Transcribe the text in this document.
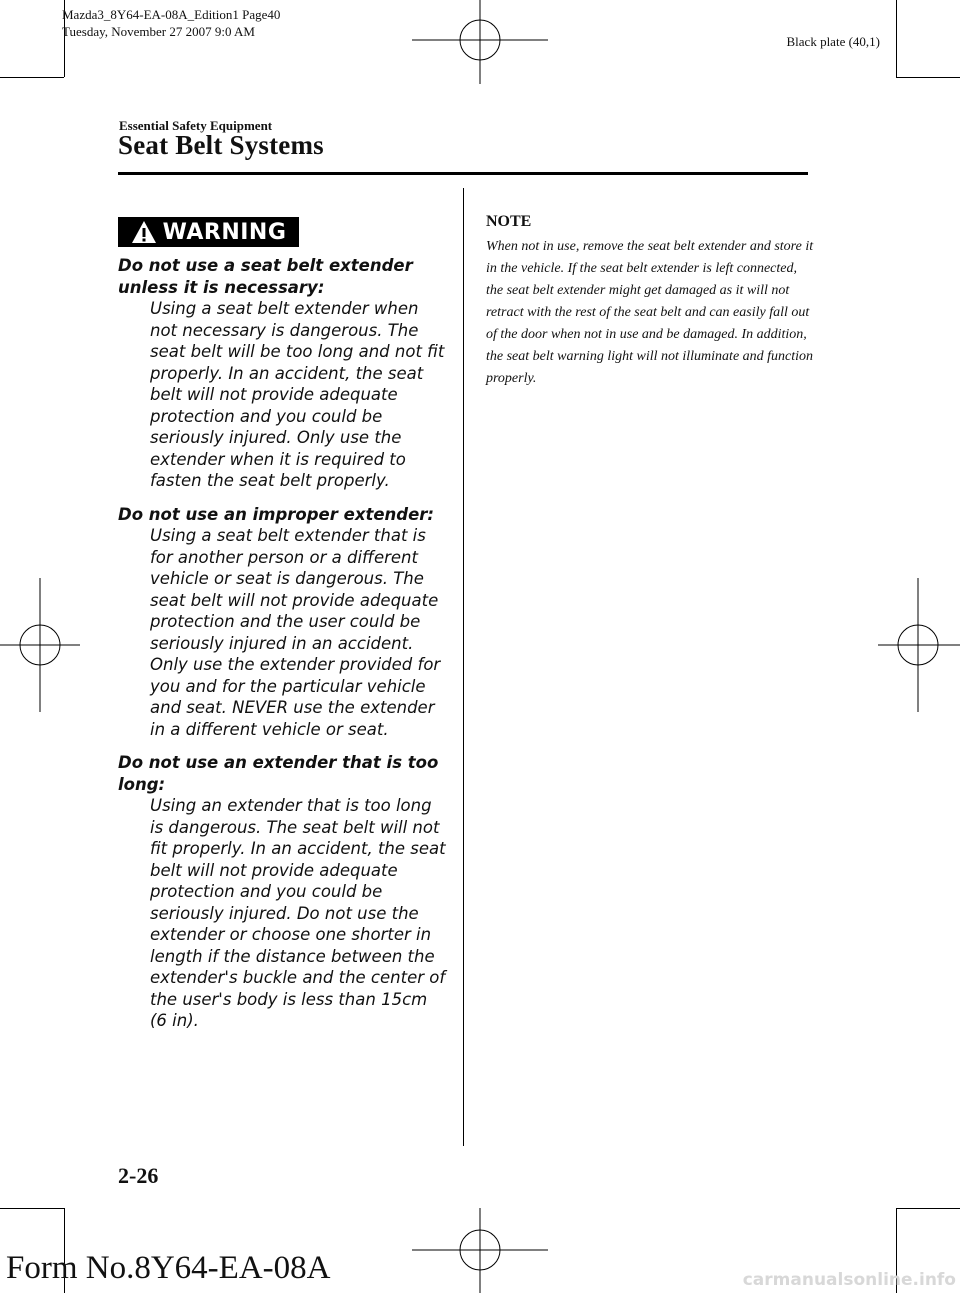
Mazda3_8Y64-EA-08A_Edition1 Page40
Tuesday, November 27 2007 9:0 AM
Black plate (40,1)
Essential Safety Equipment
Seat Belt Systems
WARNING
Do not use a seat belt extender unless it is necessary:
Using a seat belt extender when not necessary is dangerous. The seat belt will be too long and not fit properly. In an accident, the seat belt will not provide adequate protection and you could be seriously injured. Only use the extender when it is required to fasten the seat belt properly.
Do not use an improper extender:
Using a seat belt extender that is for another person or a different vehicle or seat is dangerous. The seat belt will not provide adequate protection and the user could be seriously injured in an accident. Only use the extender provided for you and for the particular vehicle and seat. NEVER use the extender in a different vehicle or seat.
Do not use an extender that is too long:
Using an extender that is too long is dangerous. The seat belt will not fit properly. In an accident, the seat belt will not provide adequate protection and you could be seriously injured. Do not use the extender or choose one shorter in length if the distance between the extender's buckle and the center of the user's body is less than 15cm (6 in).
NOTE
When not in use, remove the seat belt extender and store it in the vehicle. If the seat belt extender is left connected, the seat belt extender might get damaged as it will not retract with the rest of the seat belt and can easily fall out of the door when not in use and be damaged. In addition, the seat belt warning light will not illuminate and function properly.
2-26
Form No.8Y64-EA-08A	carmanualsonline.info
